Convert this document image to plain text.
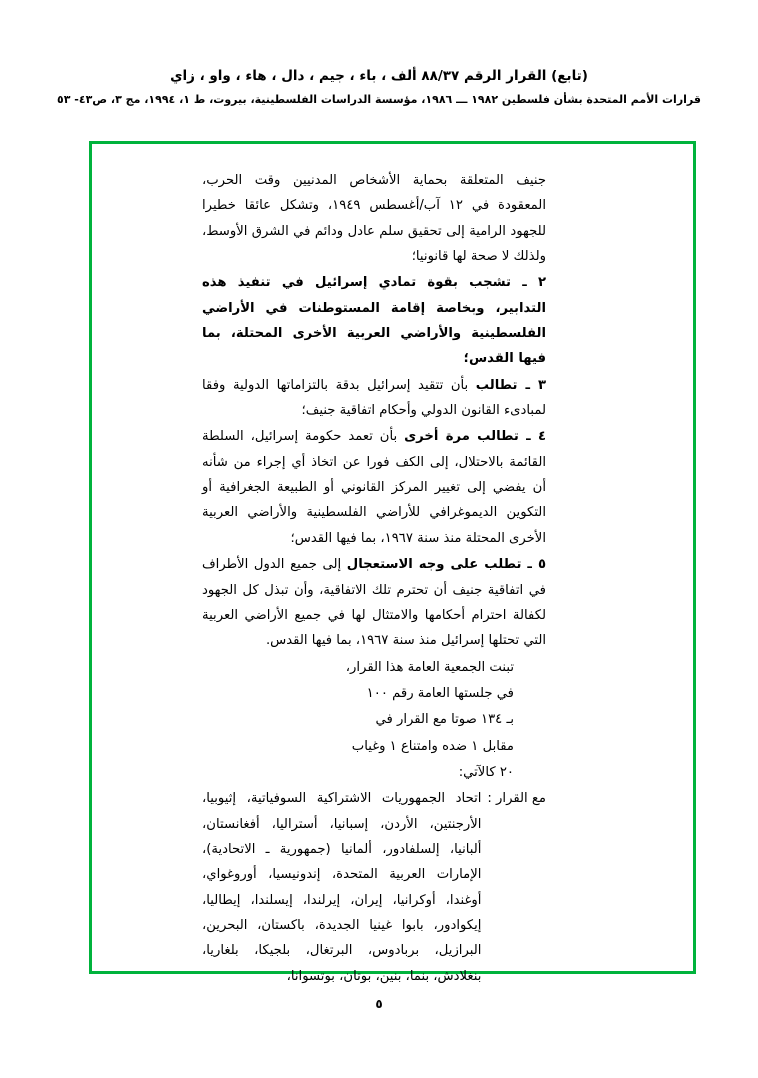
(تابع) القرار الرقم ٨٨/٣٧ ألف ، باء ، جيم ، دال ، هاء ، واو ، زاي
قرارات الأمم المتحدة بشأن فلسطين ١٩٨٢ ـــ ١٩٨٦، مؤسسة الدراسات الفلسطينية، بيروت، ط ١، ١٩٩٤، مج ٣، ص٤٣- ٥٣

جنيف المتعلقة بحماية الأشخاص المدنيين وقت الحرب، المعقودة في ١٢ آب/أغسطس ١٩٤٩، وتشكل عائقا خطيرا للجهود الرامية إلى تحقيق سلم عادل ودائم في الشرق الأوسط، ولذلك لا صحة لها قانونيا؛

٢ ـ تشجب بقوة تمادي إسرائيل في تنفيذ هذه التدابير، وبخاصة إقامة المستوطنات في الأراضي الفلسطينية والأراضي العربية الأخرى المحتلة، بما فيها القدس؛

٣ ـ تطالب بأن تتقيد إسرائيل بدقة بالتزاماتها الدولية وفقا لمبادىء القانون الدولي وأحكام اتفاقية جنيف؛

٤ ـ تطالب مرة أخرى بأن تعمد حكومة إسرائيل، السلطة القائمة بالاحتلال، إلى الكف فورا عن اتخاذ أي إجراء من شأنه أن يفضي إلى تغيير المركز القانوني أو الطبيعة الجغرافية أو التكوين الديموغرافي للأراضي الفلسطينية والأراضي العربية الأخرى المحتلة منذ سنة ١٩٦٧، بما فيها القدس؛

٥ ـ تطلب على وجه الاستعجال إلى جميع الدول الأطراف في اتفاقية جنيف أن تحترم تلك الاتفاقية، وأن تبذل كل الجهود لكفالة احترام أحكامها والامتثال لها في جميع الأراضي العربية التي تحتلها إسرائيل منذ سنة ١٩٦٧، بما فيها القدس.

تبنت الجمعية العامة هذا القرار،

في جلستها العامة رقم ١٠٠

بـ ١٣٤ صوتا مع القرار في

مقابل ١ ضده وامتناع ١ وغياب

٢٠ كالآتي:

مع القرار :
اتحاد الجمهوريات الاشتراكية السوفياتية، إثيوبيا، الأرجنتين، الأردن، إسبانيا، أستراليا، أفغانستان، ألبانيا، إلسلفادور، ألمانيا (جمهورية ـ الاتحادية)، الإمارات العربية المتحدة، إندونيسيا، أوروغواي، أوغندا، أوكرانيا، إيران، إيرلندا، إيسلندا، إيطاليا، إيكوادور، بابوا غينيا الجديدة، باكستان، البحرين، البرازيل، بربادوس، البرتغال، بلجيكا، بلغاريا، بنغلادش، بنما، بنين، بوتان، بوتسوانا،
٥
